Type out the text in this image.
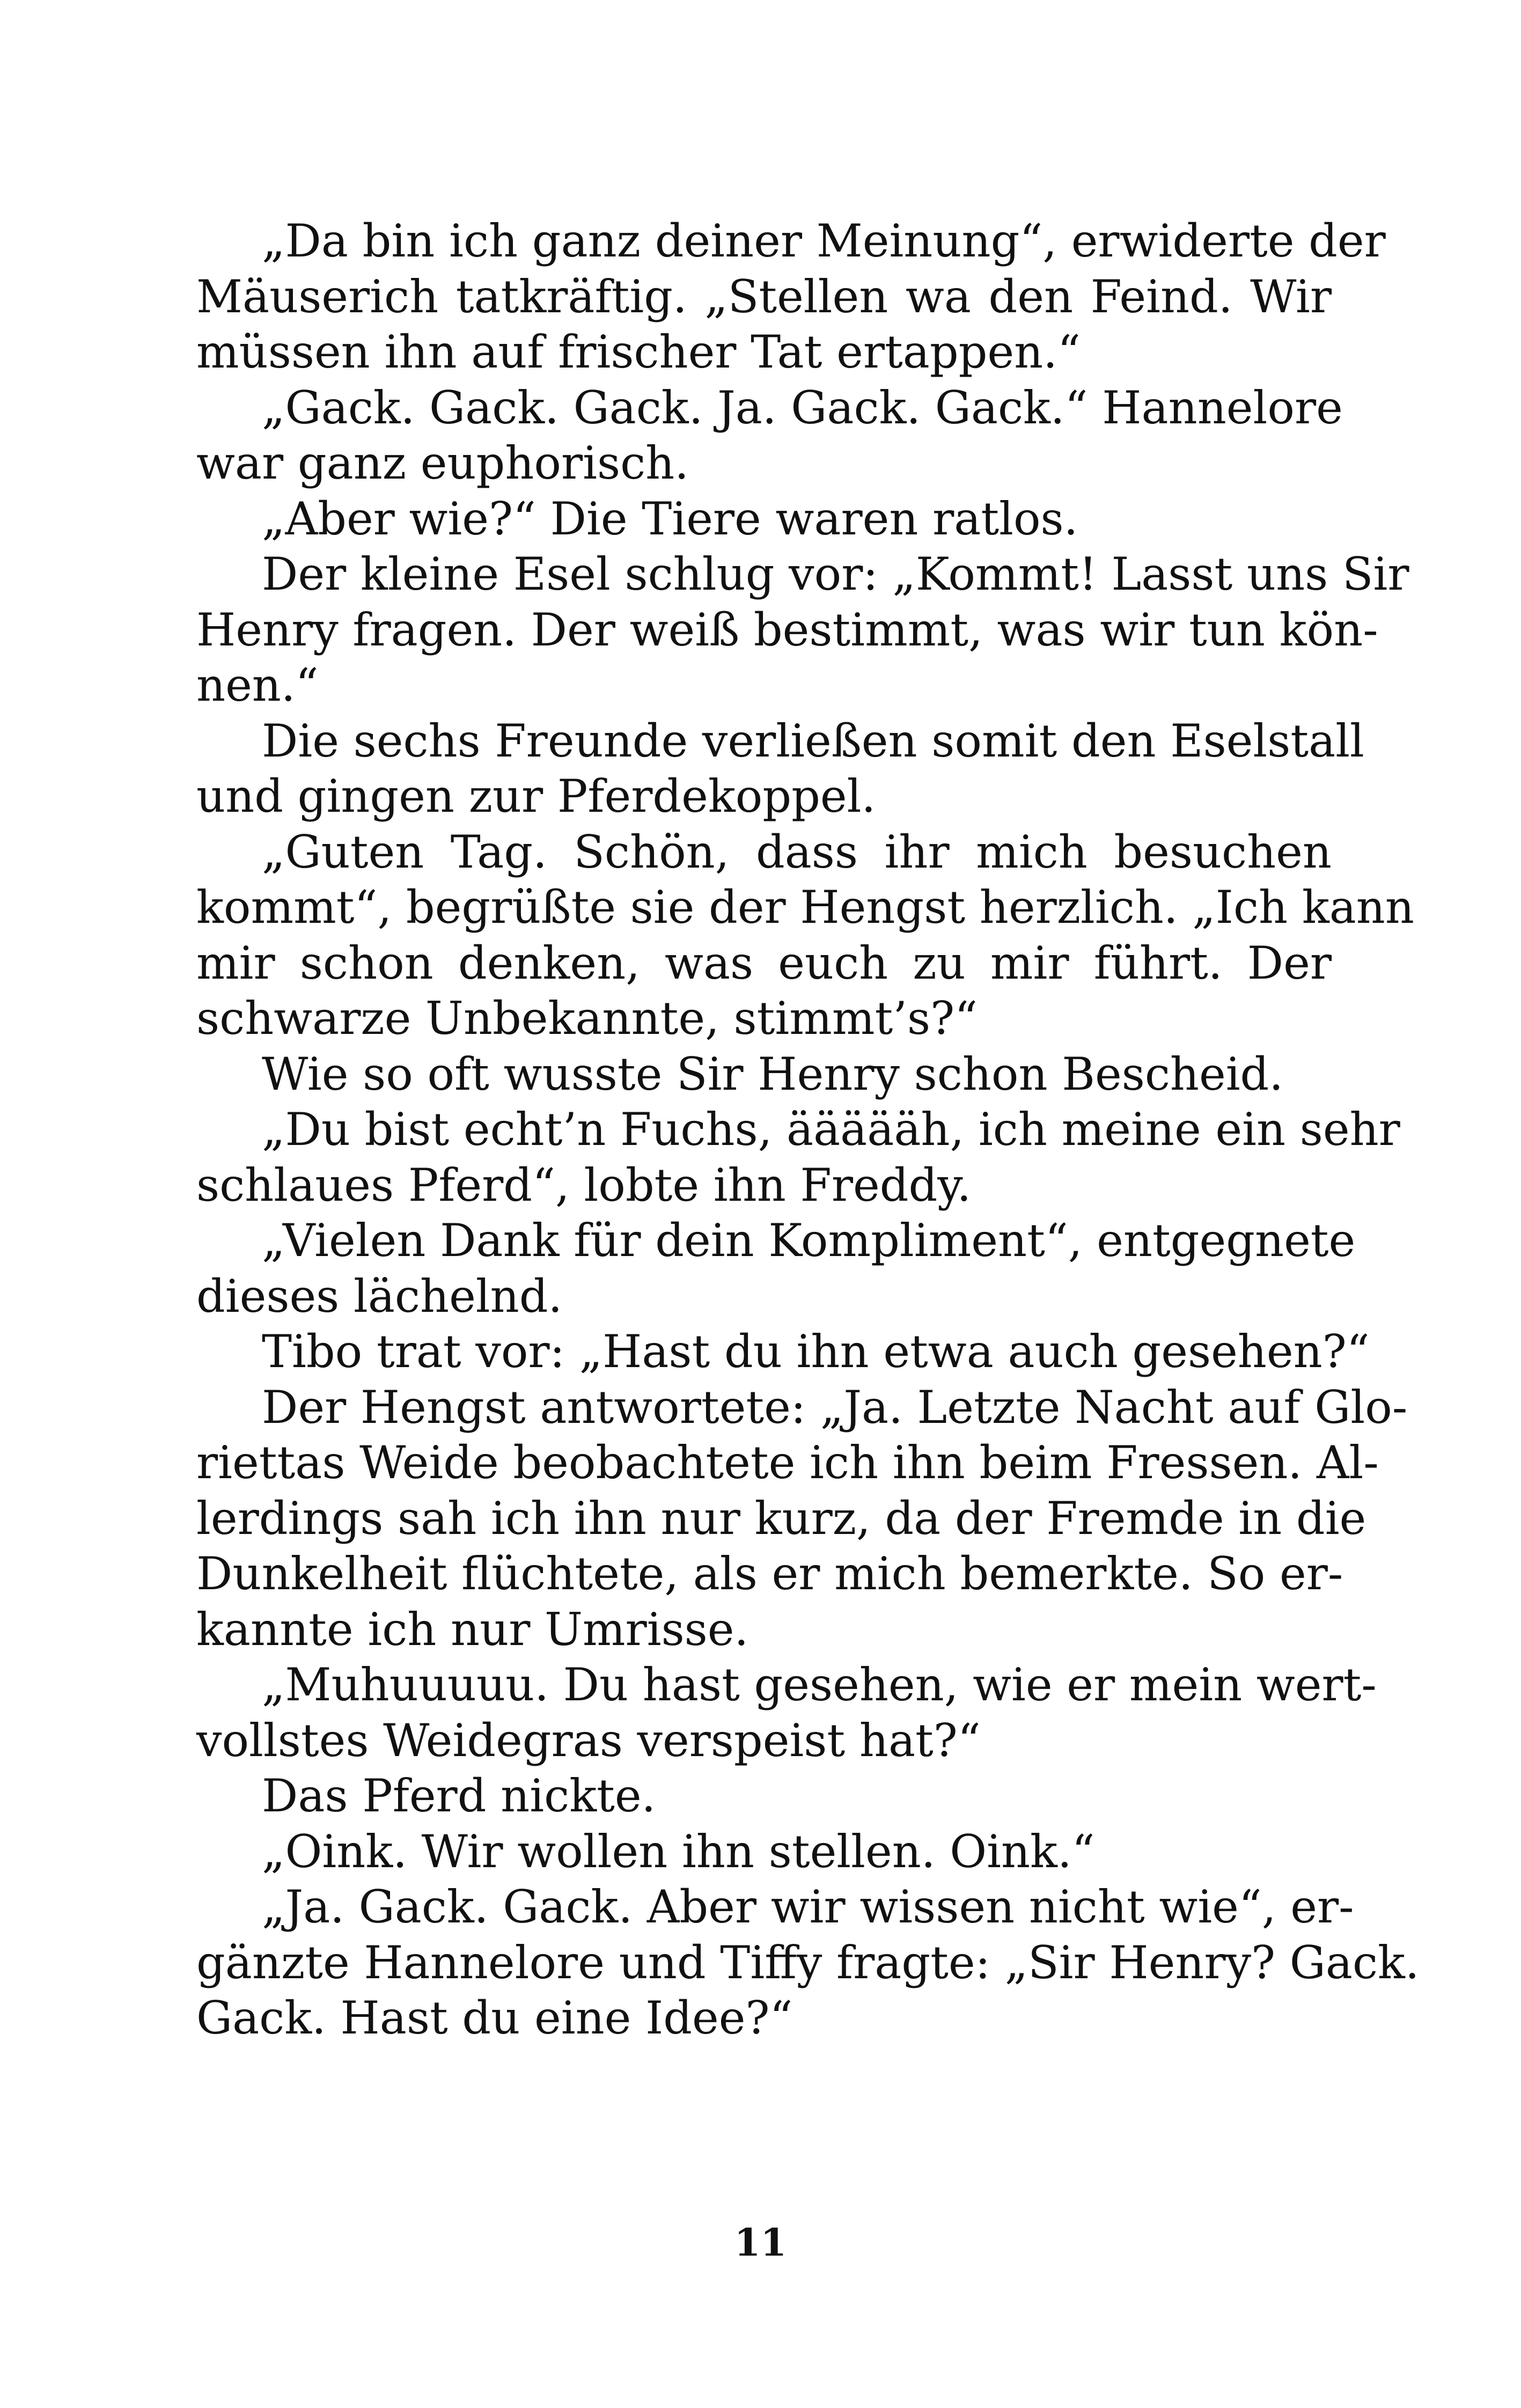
„Da bin ich ganz deiner Meinung“, erwiderte der
Mäuserich tatkräftig. „Stellen wa den Feind. Wir
müssen ihn auf frischer Tat ertappen.“
„Gack. Gack. Gack. Ja. Gack. Gack.“ Hannelore
war ganz euphorisch.
„Aber wie?“ Die Tiere waren ratlos.
Der kleine Esel schlug vor: „Kommt! Lasst uns Sir
Henry fragen. Der weiß bestimmt, was wir tun kön-
nen.“
Die sechs Freunde verließen somit den Eselstall
und gingen zur Pferdekoppel.
„Guten Tag. Schön, dass ihr mich besuchen
kommt“, begrüßte sie der Hengst herzlich. „Ich kann
mir schon denken, was euch zu mir führt. Der
schwarze Unbekannte, stimmt’s?“
Wie so oft wusste Sir Henry schon Bescheid.
„Du bist echt’n Fuchs, äääääh, ich meine ein sehr
schlaues Pferd“, lobte ihn Freddy.
„Vielen Dank für dein Kompliment“, entgegnete
dieses lächelnd.
Tibo trat vor: „Hast du ihn etwa auch gesehen?“
Der Hengst antwortete: „Ja. Letzte Nacht auf Glo-
riettas Weide beobachtete ich ihn beim Fressen. Al-
lerdings sah ich ihn nur kurz, da der Fremde in die
Dunkelheit flüchtete, als er mich bemerkte. So er-
kannte ich nur Umrisse.
„Muhuuuuu. Du hast gesehen, wie er mein wert-
vollstes Weidegras verspeist hat?“
Das Pferd nickte.
„Oink. Wir wollen ihn stellen. Oink.“
„Ja. Gack. Gack. Aber wir wissen nicht wie“, er-
gänzte Hannelore und Tiffy fragte: „Sir Henry? Gack.
Gack. Hast du eine Idee?“
11
